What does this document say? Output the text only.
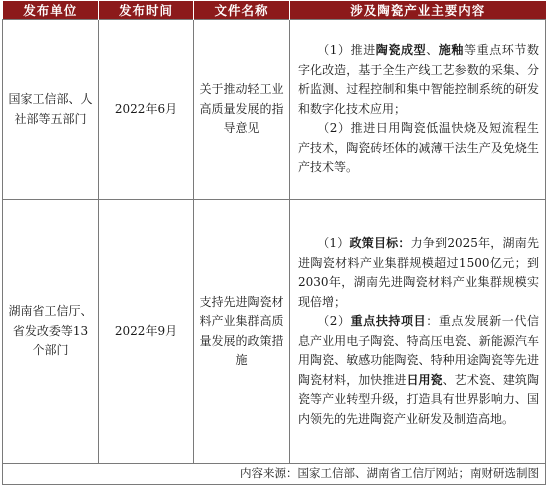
发布单位	发布时间	文件名称	涉及陶瓷产业主要内容
国家工信部、人社部等五部门	2022年6月	关于推动轻工业高质量发展的指导意见	（1）推进陶瓷成型、施釉等重点环节数字化改造，基于全生产线工艺参数的采集、分析监测、过程控制和集中智能控制系统的研发和数字化技术应用；

（2）推进日用陶瓷低温快烧及短流程生产技术，陶瓷砖坯体的减薄干法生产及免烧生产技术等。

湖南省工信厅、省发改委等13个部门	2022年9月	支持先进陶瓷材料产业集群高质量发展的政策措施	（1）政策目标：力争到2025年，湖南先进陶瓷材料产业集群规模超过1500亿元；到2030年，湖南先进陶瓷材料产业集群规模实现倍增；

（2）重点扶持项目：重点发展新一代信息产业用电子陶瓷、特高压电瓷、新能源汽车用陶瓷、敏感功能陶瓷、特种用途陶瓷等先进陶瓷材料，加快推进日用瓷、艺术瓷、建筑陶瓷等产业转型升级，打造具有世界影响力、国内领先的先进陶瓷产业研发及制造高地。

内容来源：国家工信部、湖南省工信厅网站；南财研选制图			
